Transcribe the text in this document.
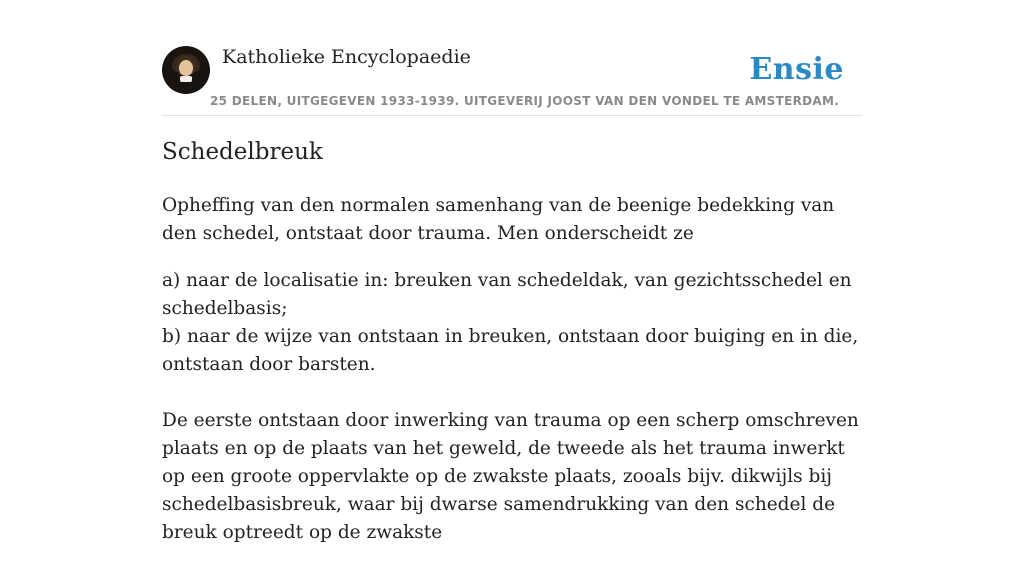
Katholieke Encyclopaedie	Ensie
25 DELEN, UITGEGEVEN 1933-1939. UITGEVERIJ JOOST VAN DEN VONDEL TE AMSTERDAM.
Schedelbreuk

Opheffing van den normalen samenhang van de beenige bedekking van den schedel, ontstaat door trauma. Men onderscheidt ze

a) naar de localisatie in: breuken van schedeldak, van gezichtsschedel en schedelbasis;
b) naar de wijze van ontstaan in breuken, ontstaan door buiging en in die, ontstaan door barsten.

De eerste ontstaan door inwerking van trauma op een scherp omschreven plaats en op de plaats van het geweld, de tweede als het trauma inwerkt op een groote oppervlakte op de zwakste plaats, zooals bijv. dikwijls bij schedelbasisbreuk, waar bij dwarse samendrukking van den schedel de breuk optreedt op de zwakste
